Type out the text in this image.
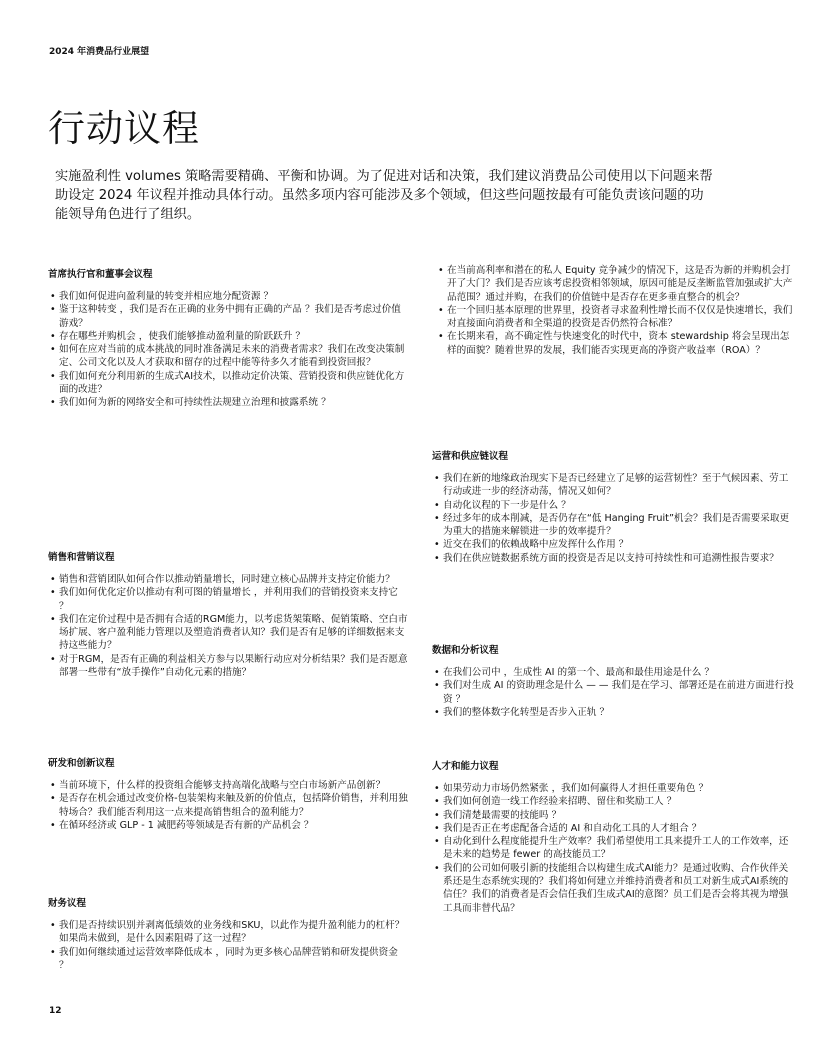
2024 年消费品行业展望
行动议程

实施盈利性 volumes 策略需要精确、平衡和协调。为了促进对话和决策，我们建议消费品公司使用以下问题来帮助设定 2024 年议程并推动具体行动。虽然多项内容可能涉及多个领域，但这些问题按最有可能负责该问题的功能领导角色进行了组织。

首席执行官和董事会议程
• 我们如何促进向盈利量的转变并相应地分配资源 ？
• 鉴于这种转变 ，我们是否在正确的业务中拥有正确的产品 ？我们是否考虑过价值游戏？
• 存在哪些并购机会 ，使我们能够推动盈利量的阶跃跃升 ？
• 如何在应对当前的成本挑战的同时准备满足未来的消费者需求？我们在改变决策制定、公司文化以及人才获取和留存的过程中能等待多久才能看到投资回报？
• 我们如何充分利用新的生成式AI技术，以推动定价决策、营销投资和供应链优化方面的改进？
• 我们如何为新的网络安全和可持续性法规建立治理和披露系统 ？
销售和营销议程
• 销售和营销团队如何合作以推动销量增长，同时建立核心品牌并支持定价能力？
• 我们如何优化定价以推动有利可图的销量增长 ，并利用我们的营销投资来支持它 ？
• 我们在定价过程中是否拥有合适的RGM能力，以考虑货架策略、促销策略、空白市场扩展、客户盈利能力管理以及塑造消费者认知？我们是否有足够的详细数据来支持这些能力？
• 对于RGM，是否有正确的利益相关方参与以果断行动应对分析结果？我们是否愿意部署一些带有“放手操作”自动化元素的措施？
研发和创新议程
• 当前环境下，什么样的投资组合能够支持高端化战略与空白市场新产品创新？
• 是否存在机会通过改变价格-包装架构来触及新的价值点，包括降价销售，并利用独特场合？我们能否利用这一点来提高销售组合的盈利能力？
• 在循环经济或 GLP - 1 减肥药等领域是否有新的产品机会 ？
财务议程
• 我们是否持续识别并剥离低绩效的业务线和SKU，以此作为提升盈利能力的杠杆？如果尚未做到，是什么因素阻碍了这一过程？
• 我们如何继续通过运营效率降低成本 ，同时为更多核心品牌营销和研发提供资金 ？
• 在当前高利率和潜在的私人 Equity 竞争减少的情况下，这是否为新的并购机会打开了大门？我们是否应该考虑投资相邻领域，原因可能是反垄断监管加强或扩大产品范围？通过并购，在我们的价值链中是否存在更多垂直整合的机会？
• 在一个回归基本原理的世界里，投资者寻求盈利性增长而不仅仅是快速增长，我们对直接面向消费者和全渠道的投资是否仍然符合标准？
• 在长期来看，高不确定性与快速变化的时代中，资本 stewardship 将会呈现出怎样的面貌？随着世界的发展，我们能否实现更高的净资产收益率（ROA）？
运营和供应链议程
• 我们在新的地缘政治现实下是否已经建立了足够的运营韧性？至于气候因素、劳工行动或进一步的经济动荡，情况又如何？
• 自动化议程的下一步是什么 ？
• 经过多年的成本削减，是否仍存在“低 Hanging Fruit”机会？我们是否需要采取更为重大的措施来解锁进一步的效率提升？
• 近交在我们的依赖战略中应发挥什么作用 ？
• 我们在供应链数据系统方面的投资是否足以支持可持续性和可追溯性报告要求？
数据和分析议程
• 在我们公司中 ，生成性 AI 的第一个、最高和最佳用途是什么 ？
• 我们对生成 AI 的资助理念是什么 — — 我们是在学习、部署还是在前进方面进行投资 ？
• 我们的整体数字化转型是否步入正轨 ？
人才和能力议程
• 如果劳动力市场仍然紧张 ，我们如何赢得人才担任重要角色 ？
• 我们如何创造一线工作经验来招聘、留住和奖励工人 ？
• 我们清楚最需要的技能吗 ？
• 我们是否正在考虑配备合适的 AI 和自动化工具的人才组合 ？
• 自动化到什么程度能提升生产效率？我们希望使用工具来提升工人的工作效率，还是未来的趋势是 fewer 的高技能员工？
• 我们的公司如何吸引新的技能组合以构建生成式AI能力？是通过收购、合作伙伴关系还是生态系统实现的？我们将如何建立并维持消费者和员工对新生成式AI系统的信任？我们的消费者是否会信任我们生成式AI的意图？员工们是否会将其视为增强工具而非替代品？
12
